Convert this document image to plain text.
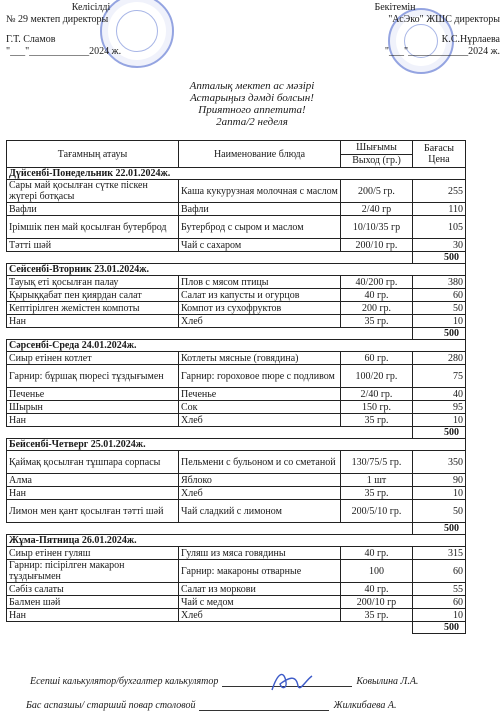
Келісілді
№ 29 мектеп директоры
Г.Т. Сламов
"___"____________2024 ж.
Бекітемін
"АсЭко" ЖШС директоры
К.С.Нұрлаева
"___"____________2024 ж.
Аптaлық мектеп ас мәзірі
Астарыңыз дәмді болсын!
Приятного аппетита!
2апта/2 неделя
Тағамның атауы	Наименование блюда	Шығымы	Бағасы
Цена
		Выход (гр.)	
Дүйсенбі-Понедельник 22.01.2024ж.			
Сары май қосылған сүтке піскен жүгері ботқасы	Каша кукурузная молочная с маслом	200/5 гр.	255
Вафли	Вафли	2/40 гр	110
Ірімшік пен май қосылған бутерброд	Бутерброд с сыром и маслом	10/10/35 гр	105
Тәтті шәй	Чай с сахаром	200/10 гр.	30
			500
Сейсенбі-Вторник 23.01.2024ж.			
Тауық еті қосылған палау	Плов с мясом птицы	40/200 гр.	380
Қырыққабат пен қиярдан салат	Салат из капусты и огурцов	40 гр.	60
Кептірілген жемістен компоты	Компот из сухофруктов	200 гр.	50
Нан	Хлеб	35 гр.	10
			500
Сәрсенбі-Среда 24.01.2024ж.			
Сиыр етінен котлет	Котлеты мясные (говядина)	60 гр.	280
Гарнир: бұршақ пюресі тұздығымен	Гарнир: гороховое пюре с подливом	100/20 гр.	75
Печенье	Печенье	2/40 гр.	40
Шырын	Сок	150 гр.	95
Нан	Хлеб	35 гр.	10
			500
Бейсенбі-Четверг 25.01.2024ж.			
Қаймақ қосылған тұшпара сорпасы	Пельмени с бульоном и со сметаной	130/75/5 гр.	350
Алма	Яблоко	1 шт	90
Нан	Хлеб	35 гр.	10
Лимон мен қант қосылған тәтті шәй	Чай сладкий с лимоном	200/5/10 гр.	50
			500
Жұма-Пятница 26.01.2024ж.			
Сиыр етінен гуляш	Гуляш из мяса говядины	40 гр.	315
Гарнир: пісірілген макарон тұздығымен	Гарнир: макароны отварные	100	60
Сәбіз салаты	Салат из моркови	40 гр.	55
Балмен шәй	Чай с медом	200/10 гр	60
Нан	Хлеб	35 гр.	10
			500
Есепші калькулятор/бухгалтер калькулятор	Ковылина Л.А.
Бас аспазшы/ старший повар столовой	Жилкибаева А.
